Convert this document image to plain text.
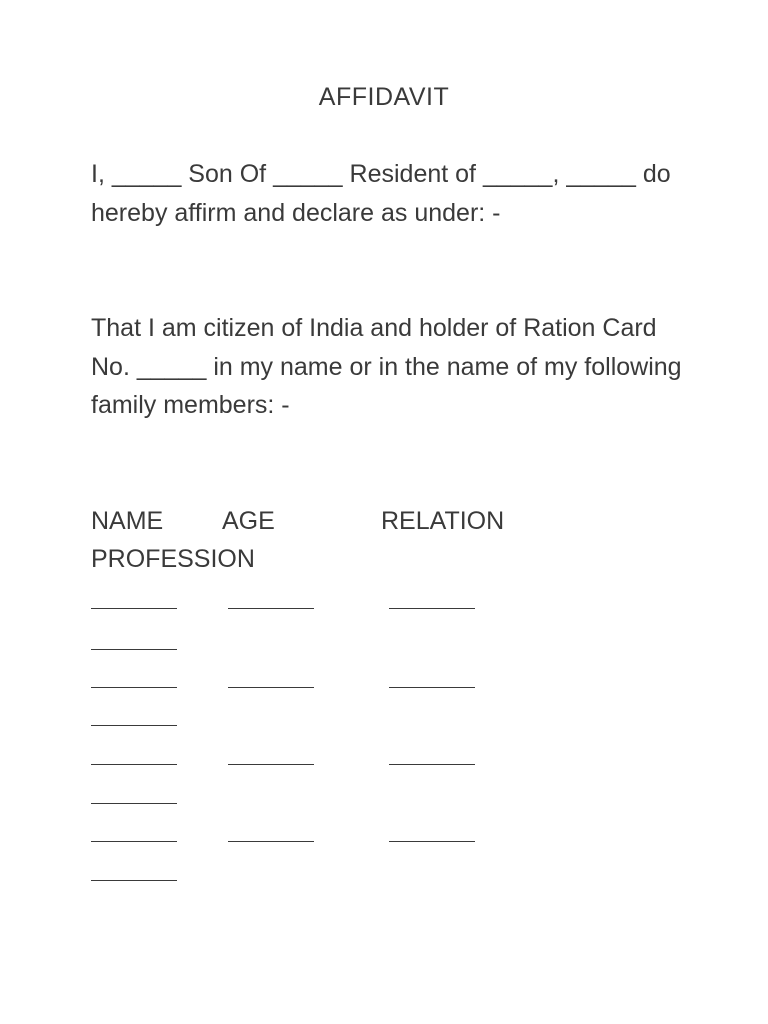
AFFIDAVIT
I, _____ Son Of _____ Resident of _____, _____ do hereby affirm and declare as under: -
That I am citizen of India and holder of Ration Card No. _____ in my name or in the name of my following family members: -
NAME AGE	RELATION
PROFESSION
